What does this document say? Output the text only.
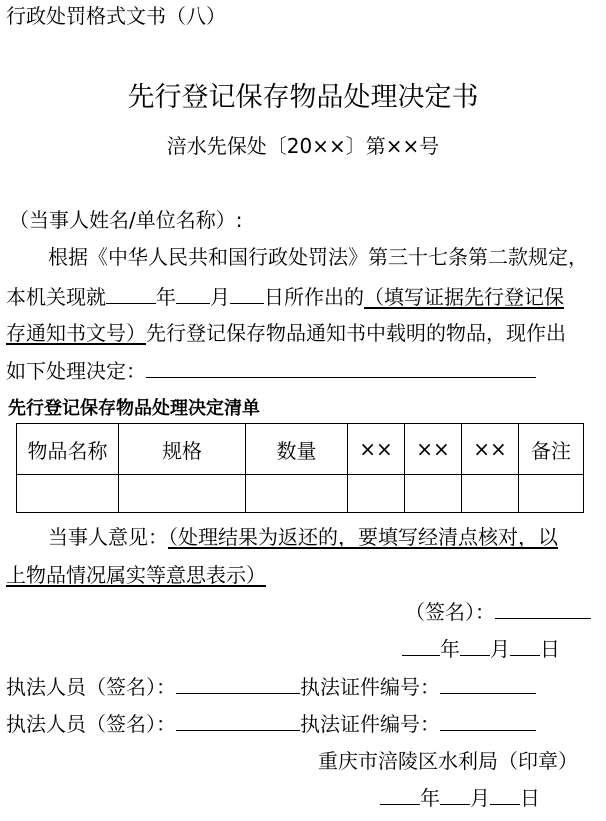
行政处罚格式文书（八）
先行登记保存物品处理决定书
涪水先保处〔20××〕第××号
（当事人姓名/单位名称）:
根据《中华人民共和国行政处罚法》第三十七条第二款规定，
本机关现就	年 月 日所作出的（填写证据先行登记保
存通知书文号）先行登记保存物品通知书中载明的物品，现作出
如下处理决定：
先行登记保存物品处理决定清单
物品名称	规格	数量	××	××	××	备注

当事人意见：（处理结果为返还的，要填写经清点核对，以
上物品情况属实等意思表示）
（签名）：
年 月 日
执法人员（签名）：	执法证件编号：
执法人员（签名）：	执法证件编号：
重庆市涪陵区水利局（印章）
年 月 日
